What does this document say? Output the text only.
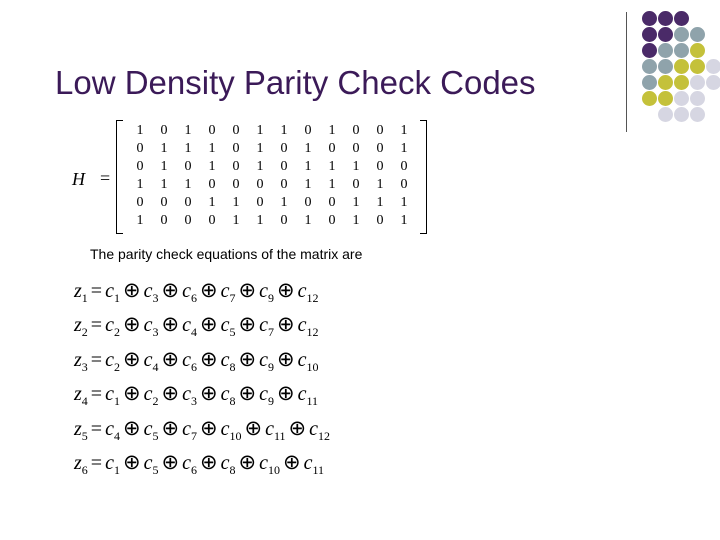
Low Density Parity Check Codes
H =
1	0	1	0	0	1	1	0	1	0	0	1
0	1	1	1	0	1	0	1	0	0	0	1
0	1	0	1	0	1	0	1	1	1	0	0
1	1	1	0	0	0	0	1	1	0	1	0
0	0	0	1	1	0	1	0	0	1	1	1
1	0	0	0	1	1	0	1	0	1	0	1
The parity check equations of the matrix are
$z_1 = c_1$ ⊕ $c_3$ ⊕ $c_6$ ⊕ $c_7$ ⊕ $c_9$ ⊕ $c_{12}$
$z_2 = c_2$ ⊕ $c_3$ ⊕ $c_4$ ⊕ $c_5$ ⊕ $c_7$ ⊕ $c_{12}$
$z_3 = c_2$ ⊕ $c_4$ ⊕ $c_6$ ⊕ $c_8$ ⊕ $c_9$ ⊕ $c_{10}$
$z_4 = c_1$ ⊕ $c_2$ ⊕ $c_3$ ⊕ $c_8$ ⊕ $c_9$ ⊕ $c_{11}$
$z_5 = c_4$ ⊕ $c_5$ ⊕ $c_7$ ⊕ $c_{10}$ ⊕ $c_{11}$ ⊕ $c_{12}$
$z_6 = c_1$ ⊕ $c_5$ ⊕ $c_6$ ⊕ $c_8$ ⊕ $c_{10}$ ⊕ $c_{11}$
